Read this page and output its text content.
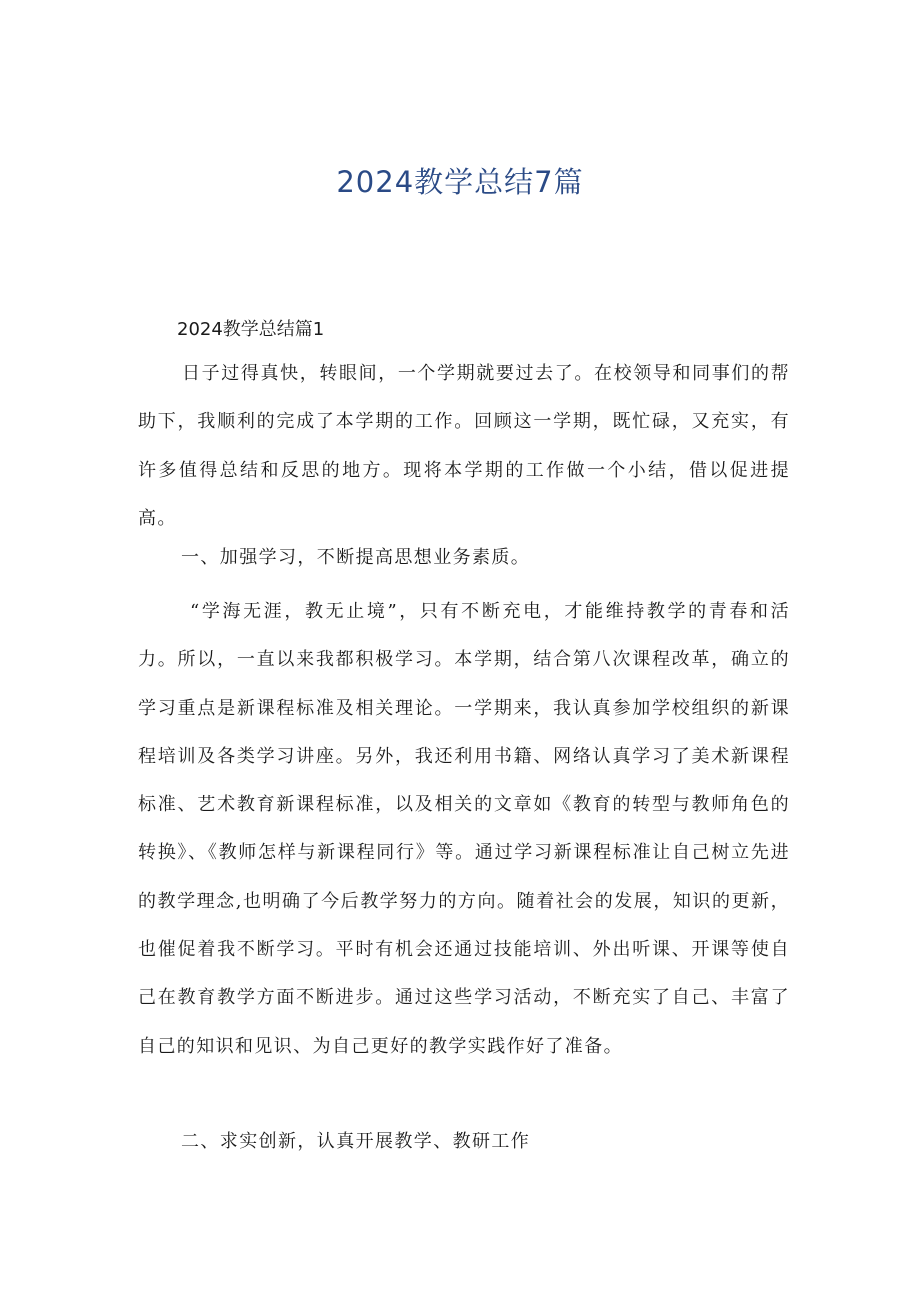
2024教学总结7篇
2024教学总结篇1

日子过得真快，转眼间，一个学期就要过去了。在校领导和同事们的帮助下，我顺利的完成了本学期的工作。回顾这一学期，既忙碌，又充实，有许多值得总结和反思的地方。现将本学期的工作做一个小结，借以促进提高。

一、加强学习，不断提高思想业务素质。

“学海无涯，教无止境”，只有不断充电，才能维持教学的青春和活力。所以，一直以来我都积极学习。本学期，结合第八次课程改革，确立的学习重点是新课程标准及相关理论。一学期来，我认真参加学校组织的新课程培训及各类学习讲座。另外，我还利用书籍、网络认真学习了美术新课程标准、艺术教育新课程标准，以及相关的文章如《教育的转型与教师角色的转换》、《教师怎样与新课程同行》等。通过学习新课程标准让自己树立先进的教学理念,也明确了今后教学努力的方向。随着社会的发展，知识的更新，也催促着我不断学习。平时有机会还通过技能培训、外出听课、开课等使自己在教育教学方面不断进步。通过这些学习活动，不断充实了自己、丰富了自己的知识和见识、为自己更好的教学实践作好了准备。

二、求实创新，认真开展教学、教研工作
